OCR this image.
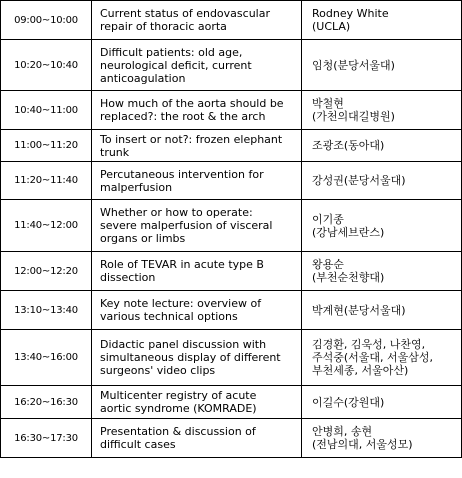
09:00~10:00	Current status of endovascular
repair of thoracic aorta	Rodney White
(UCLA)

10:20~10:40	Difficult patients: old age,
neurological deficit, current
anticoagulation	임청(분당서울대)

10:40~11:00	How much of the aorta should be
replaced?: the root & the arch	박철현
(가천의대길병원)

11:00~11:20	To insert or not?: frozen elephant
trunk	조광조(동아대)

11:20~11:40	Percutaneous intervention for
malperfusion	강성권(분당서울대)

11:40~12:00	Whether or how to operate:
severe malperfusion of visceral
organs or limbs	이기종
(강남세브란스)

12:00~12:20	Role of TEVAR in acute type B
dissection	왕용순
(부천순천향대)

13:10~13:40	Key note lecture: overview of
various technical options	박계현(분당서울대)

13:40~16:00	Didactic panel discussion with
simultaneous display of different
surgeons' video clips	김경환, 김욱성, 나찬영,
주석중(서울대, 서울삼성,
부천세종, 서울아산)

16:20~16:30	Multicenter registry of acute
aortic syndrome (KOMRADE)	이길수(강원대)

16:30~17:30	Presentation & discussion of
difficult cases	안병희, 송현
(전남의대, 서울성모)
